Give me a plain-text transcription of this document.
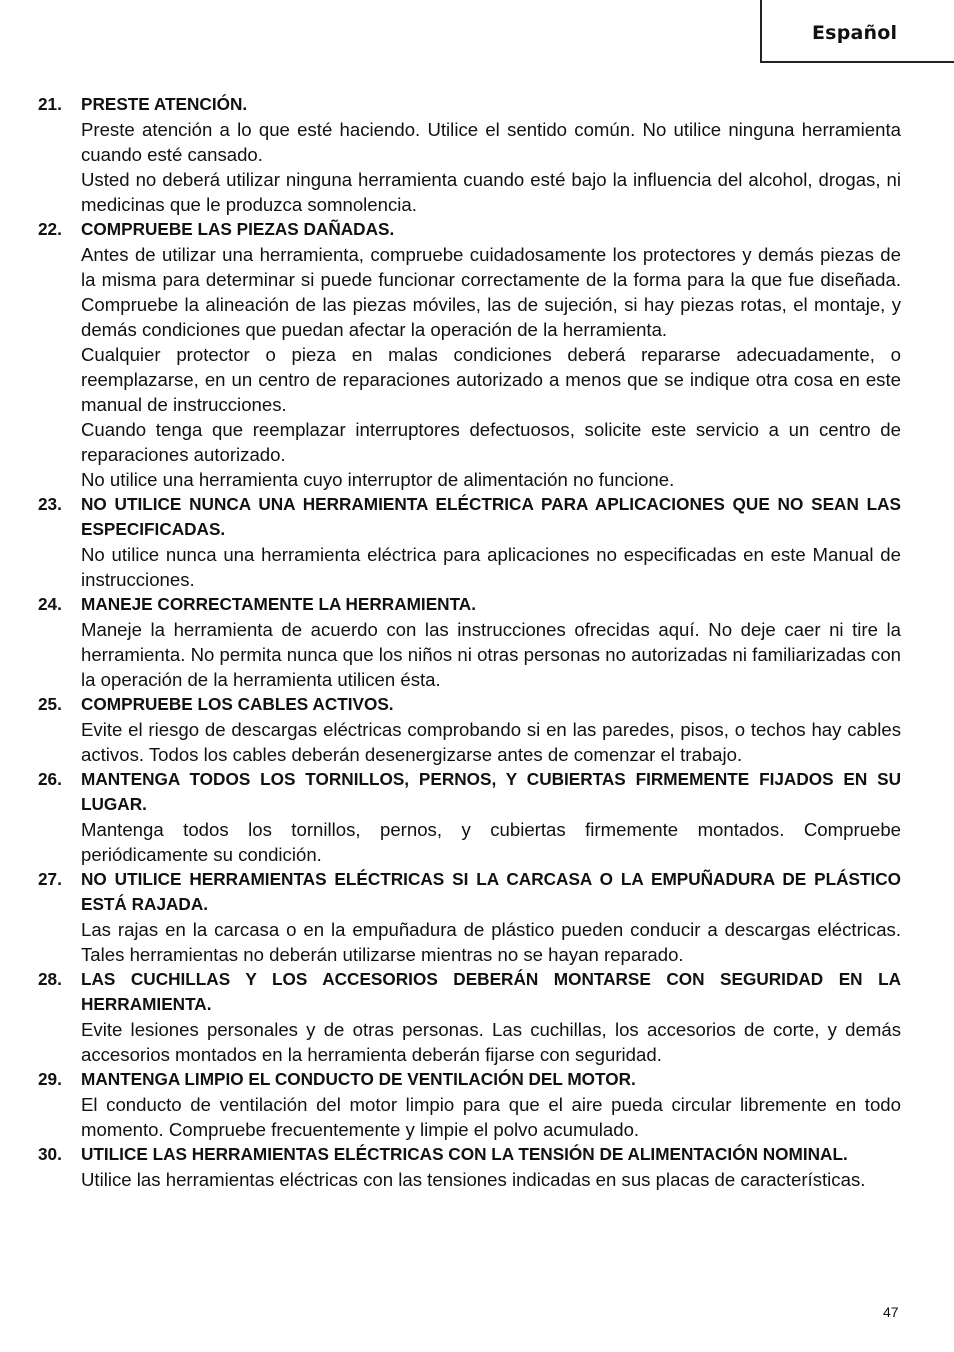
Español
21. PRESTE ATENCIÓN.
Preste atención a lo que esté haciendo. Utilice el sentido común. No utilice ninguna herramienta cuando esté cansado.
Usted no deberá utilizar ninguna herramienta cuando esté bajo la influencia del alcohol, drogas, ni medicinas que le produzca somnolencia.
22. COMPRUEBE LAS PIEZAS DAÑADAS.
Antes de utilizar una herramienta, compruebe cuidadosamente los protectores y demás piezas de la misma para determinar si puede funcionar correctamente de la forma para la que fue diseñada. Compruebe la alineación de las piezas móviles, las de sujeción, si hay piezas rotas, el montaje, y demás condiciones que puedan afectar la operación de la herramienta.
Cualquier protector o pieza en malas condiciones deberá repararse adecuadamente, o reemplazarse, en un centro de reparaciones autorizado a menos que se indique otra cosa en este manual de instrucciones.
Cuando tenga que reemplazar interruptores defectuosos, solicite este servicio a un centro de reparaciones autorizado.
No utilice una herramienta cuyo interruptor de alimentación no funcione.
23. NO UTILICE NUNCA UNA HERRAMIENTA ELÉCTRICA PARA APLICACIONES QUE NO SEAN LAS ESPECIFICADAS.
No utilice nunca una herramienta eléctrica para aplicaciones no especificadas en este Manual de instrucciones.
24. MANEJE CORRECTAMENTE LA HERRAMIENTA.
Maneje la herramienta de acuerdo con las instrucciones ofrecidas aquí. No deje caer ni tire la herramienta. No permita nunca que los niños ni otras personas no autorizadas ni familiarizadas con la operación de la herramienta utilicen ésta.
25. COMPRUEBE LOS CABLES ACTIVOS.
Evite el riesgo de descargas eléctricas comprobando si en las paredes, pisos, o techos hay cables activos. Todos los cables deberán desenergizarse antes de comenzar el trabajo.
26. MANTENGA TODOS LOS TORNILLOS, PERNOS, Y CUBIERTAS FIRMEMENTE FIJADOS EN SU LUGAR.
Mantenga todos los tornillos, pernos, y cubiertas firmemente montados. Compruebe periódicamente su condición.
27. NO UTILICE HERRAMIENTAS ELÉCTRICAS SI LA CARCASA O LA EMPUÑADURA DE PLÁSTICO ESTÁ RAJADA.
Las rajas en la carcasa o en la empuñadura de plástico pueden conducir a descargas eléctricas. Tales herramientas no deberán utilizarse mientras no se hayan reparado.
28. LAS CUCHILLAS Y LOS ACCESORIOS DEBERÁN MONTARSE CON SEGURIDAD EN LA HERRAMIENTA.
Evite lesiones personales y de otras personas. Las cuchillas, los accesorios de corte, y demás accesorios montados en la herramienta deberán fijarse con seguridad.
29. MANTENGA LIMPIO EL CONDUCTO DE VENTILACIÓN DEL MOTOR.
El conducto de ventilación del motor limpio para que el aire pueda circular libremente en todo momento. Compruebe frecuentemente y limpie el polvo acumulado.
30. UTILICE LAS HERRAMIENTAS ELÉCTRICAS CON LA TENSIÓN DE ALIMENTACIÓN NOMINAL.
Utilice las herramientas eléctricas con las tensiones indicadas en sus placas de características.
47
